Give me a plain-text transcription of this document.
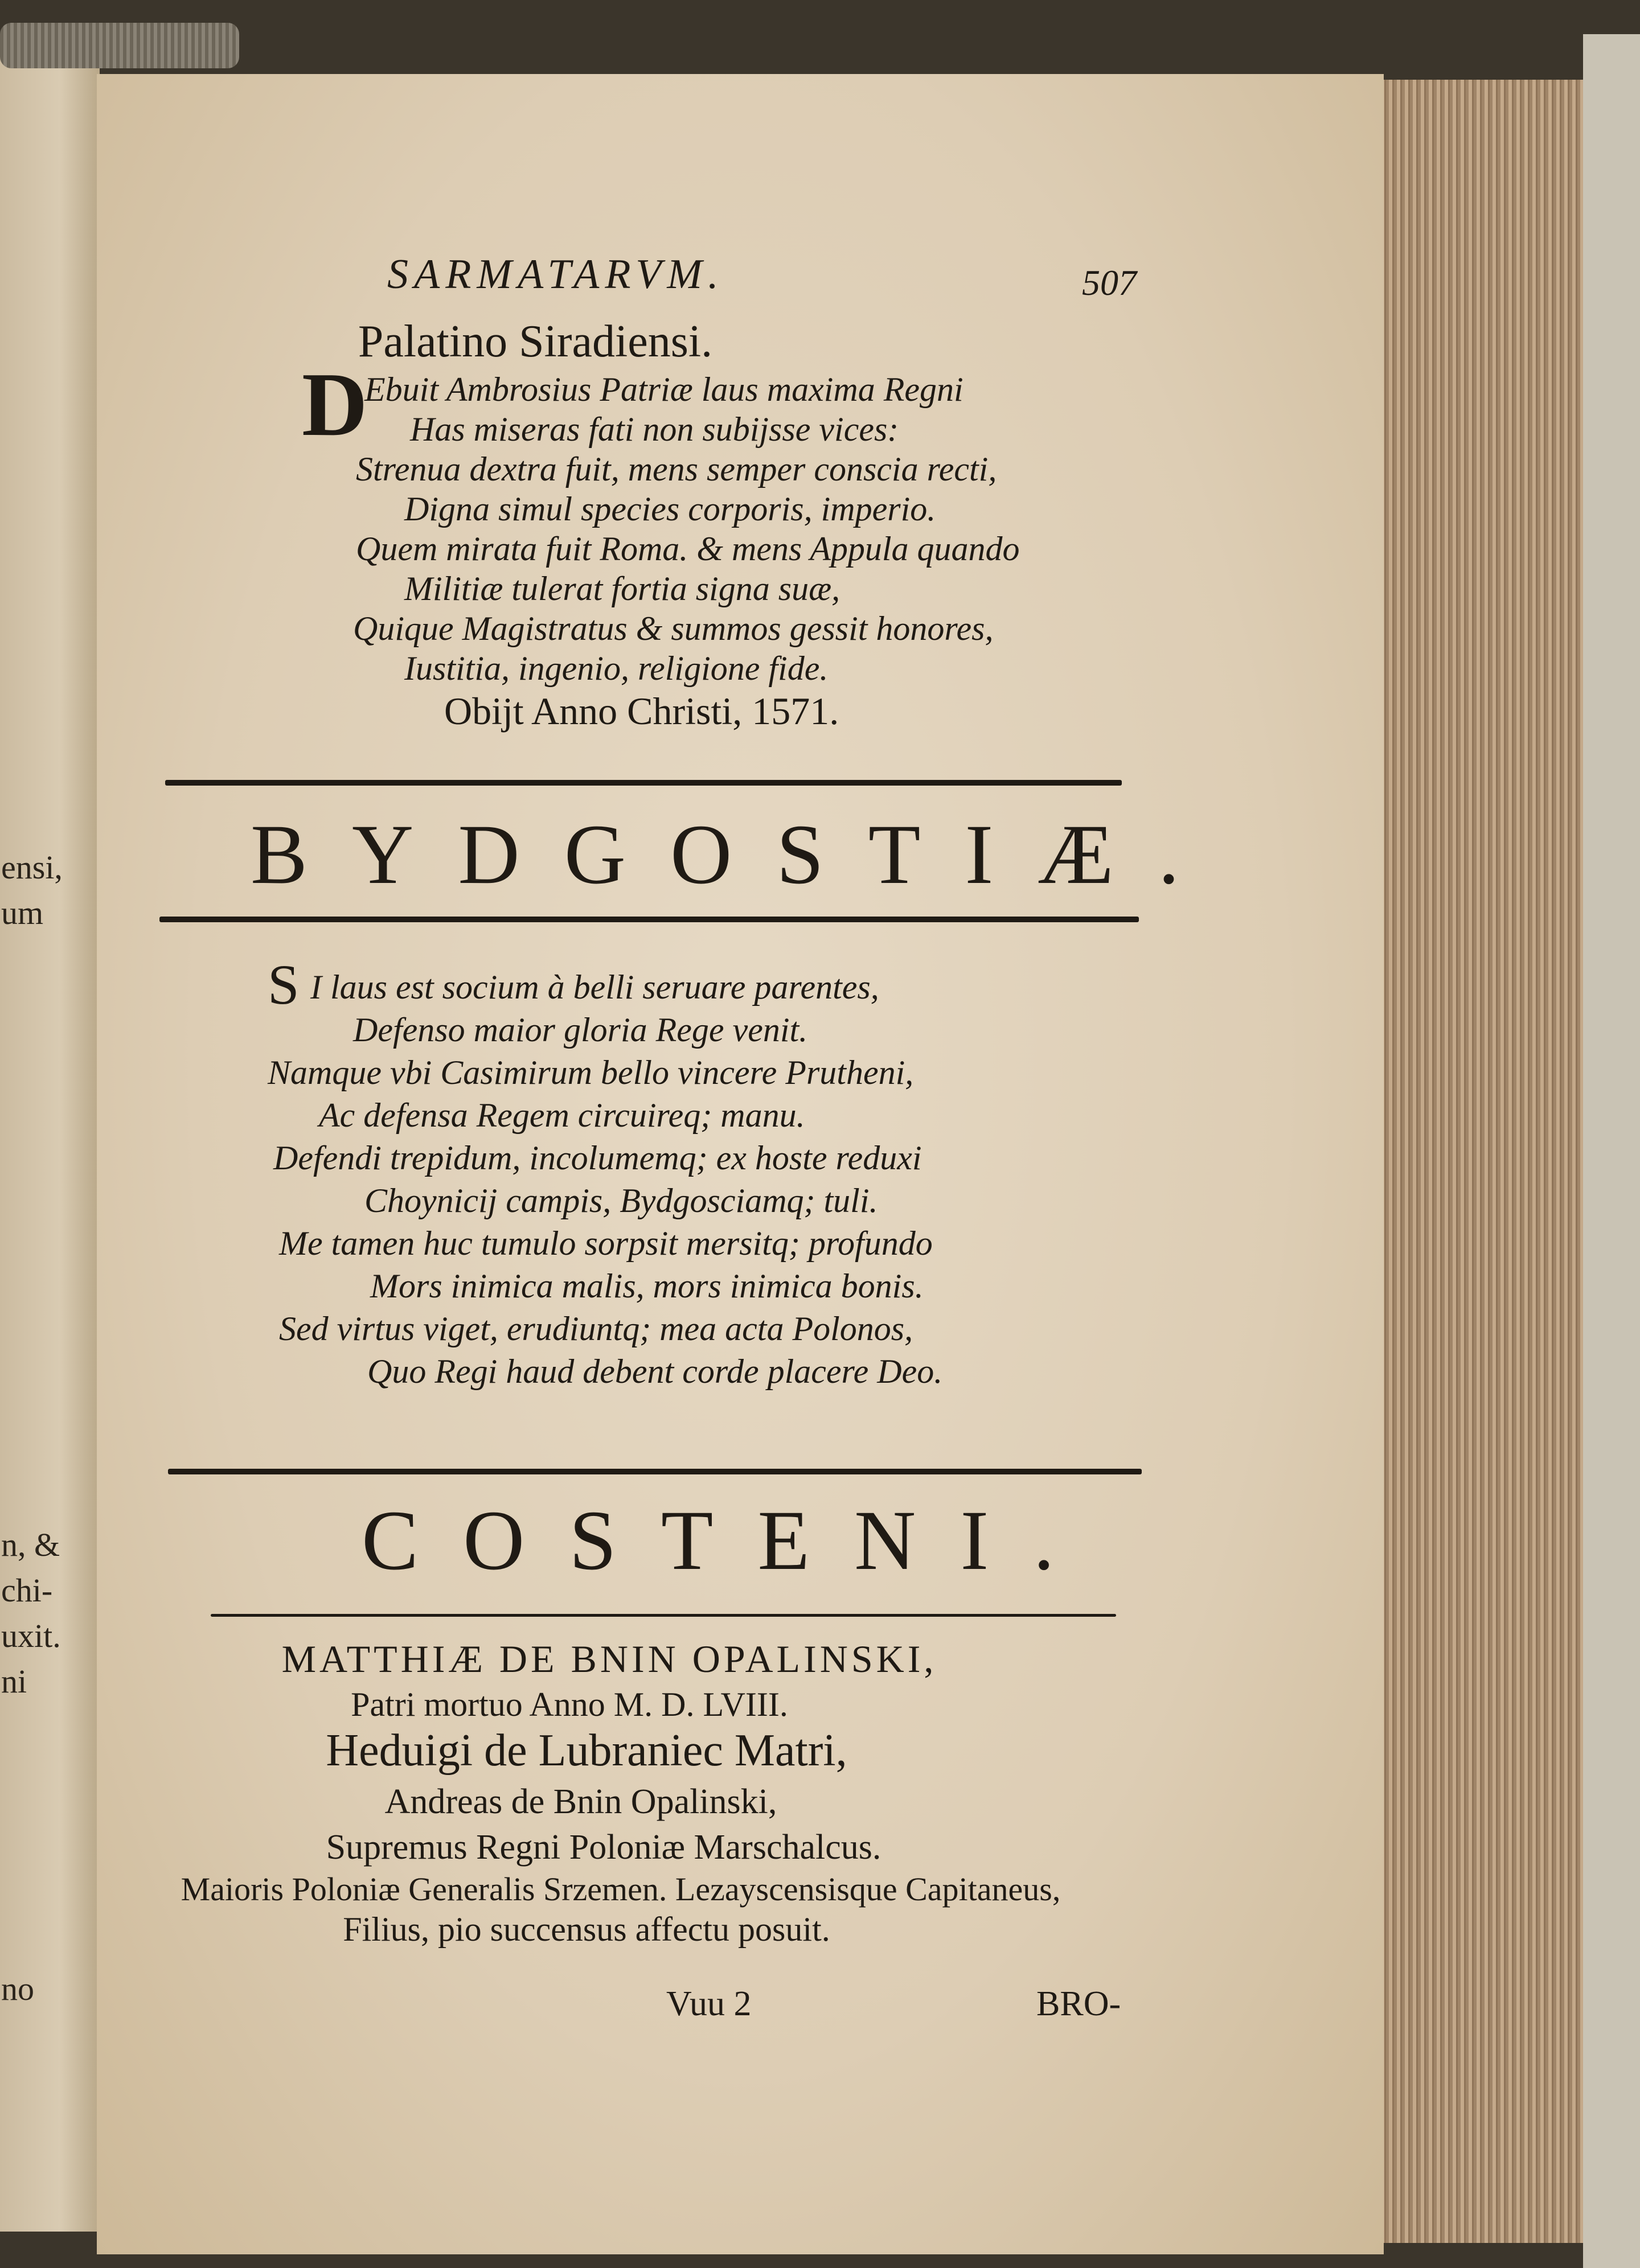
ensi,
um
n, &
chi-
uxit.
ni
no
SARMATARVM.	507
Palatino Siradiensi.
D
Ebuit Ambrosius Patriæ laus maxima Regni
Has miseras fati non subijsse vices:
Strenua dextra fuit, mens semper conscia recti,
Digna simul species corporis, imperio.
Quem mirata fuit Roma. & mens Appula quando
Militiæ tulerat fortia signa suæ,
Quique Magistratus & summos gessit honores,
Iustitia, ingenio, religione fide.
Obijt Anno Christi, 1571.
BYDGOSTIÆ.
S I laus est socium à belli seruare parentes,
Defenso maior gloria Rege venit.
Namque vbi Casimirum bello vincere Prutheni,
Ac defensa Regem circuireq; manu.
Defendi trepidum, incolumemq; ex hoste reduxi
Choynicij campis, Bydgosciamq; tuli.
Me tamen huc tumulo sorpsit mersitq; profundo
Mors inimica malis, mors inimica bonis.
Sed virtus viget, erudiuntq; mea acta Polonos,
Quo Regi haud debent corde placere Deo.
COSTENI.
MATTHIÆ DE BNIN OPALINSKI,
Patri mortuo Anno M. D. LVIII.
Heduigi de Lubraniec Matri,
Andreas de Bnin Opalinski,
Supremus Regni Poloniæ Marschalcus.
Maioris Poloniæ Generalis Srzemen. Lezayscensisque Capitaneus,
Filius, pio succensus affectu posuit.
Vuu 2	BRO-
